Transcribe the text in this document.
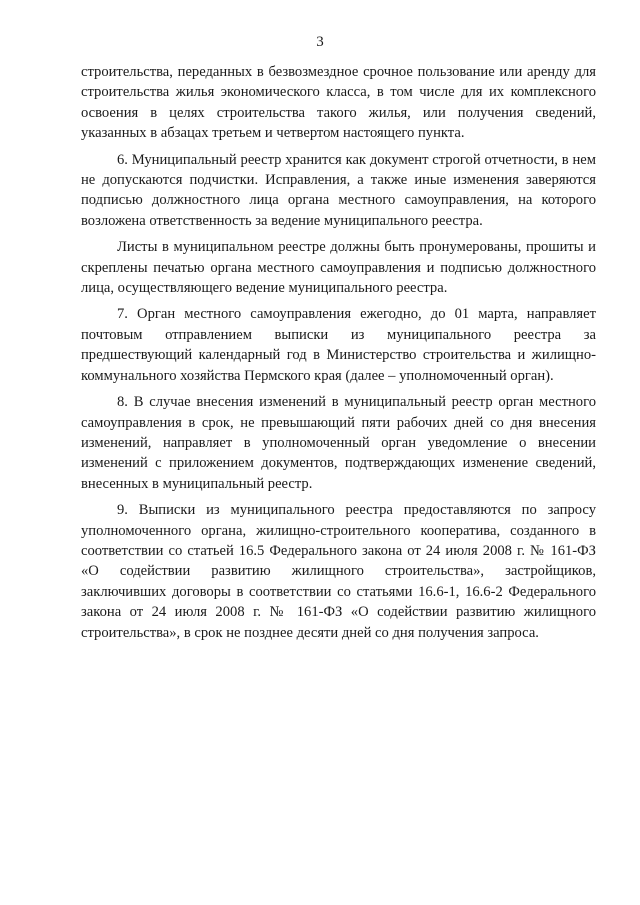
3

строительства, переданных в безвозмездное срочное пользование или аренду для строительства жилья экономического класса, в том числе для их комплексного освоения в целях строительства такого жилья, или получения сведений, указанных в абзацах третьем и четвертом настоящего пункта.

6. Муниципальный реестр хранится как документ строгой отчетности, в нем не допускаются подчистки. Исправления, а также иные изменения заверяются подписью должностного лица органа местного самоуправления, на которого возложена ответственность за ведение муниципального реестра.

Листы в муниципальном реестре должны быть пронумерованы, прошиты и скреплены печатью органа местного самоуправления и подписью должностного лица, осуществляющего ведение муниципального реестра.

7. Орган местного самоуправления ежегодно, до 01 марта, направляет почтовым отправлением выписки из муниципального реестра за предшествующий календарный год в Министерство строительства и жилищно-коммунального хозяйства Пермского края (далее – уполномоченный орган).

8. В случае внесения изменений в муниципальный реестр орган местного самоуправления в срок, не превышающий пяти рабочих дней со дня внесения изменений, направляет в уполномоченный орган уведомление о внесении изменений с приложением документов, подтверждающих изменение сведений, внесенных в муниципальный реестр.

9. Выписки из муниципального реестра предоставляются по запросу уполномоченного органа, жилищно-строительного кооператива, созданного в соответствии со статьей 16.5 Федерального закона от 24 июля 2008 г. № 161-ФЗ «О содействии развитию жилищного строительства», застройщиков, заключивших договоры в соответствии со статьями 16.6-1, 16.6-2 Федерального закона от 24 июля 2008 г. № 161-ФЗ «О содействии развитию жилищного строительства», в срок не позднее десяти дней со дня получения запроса.
